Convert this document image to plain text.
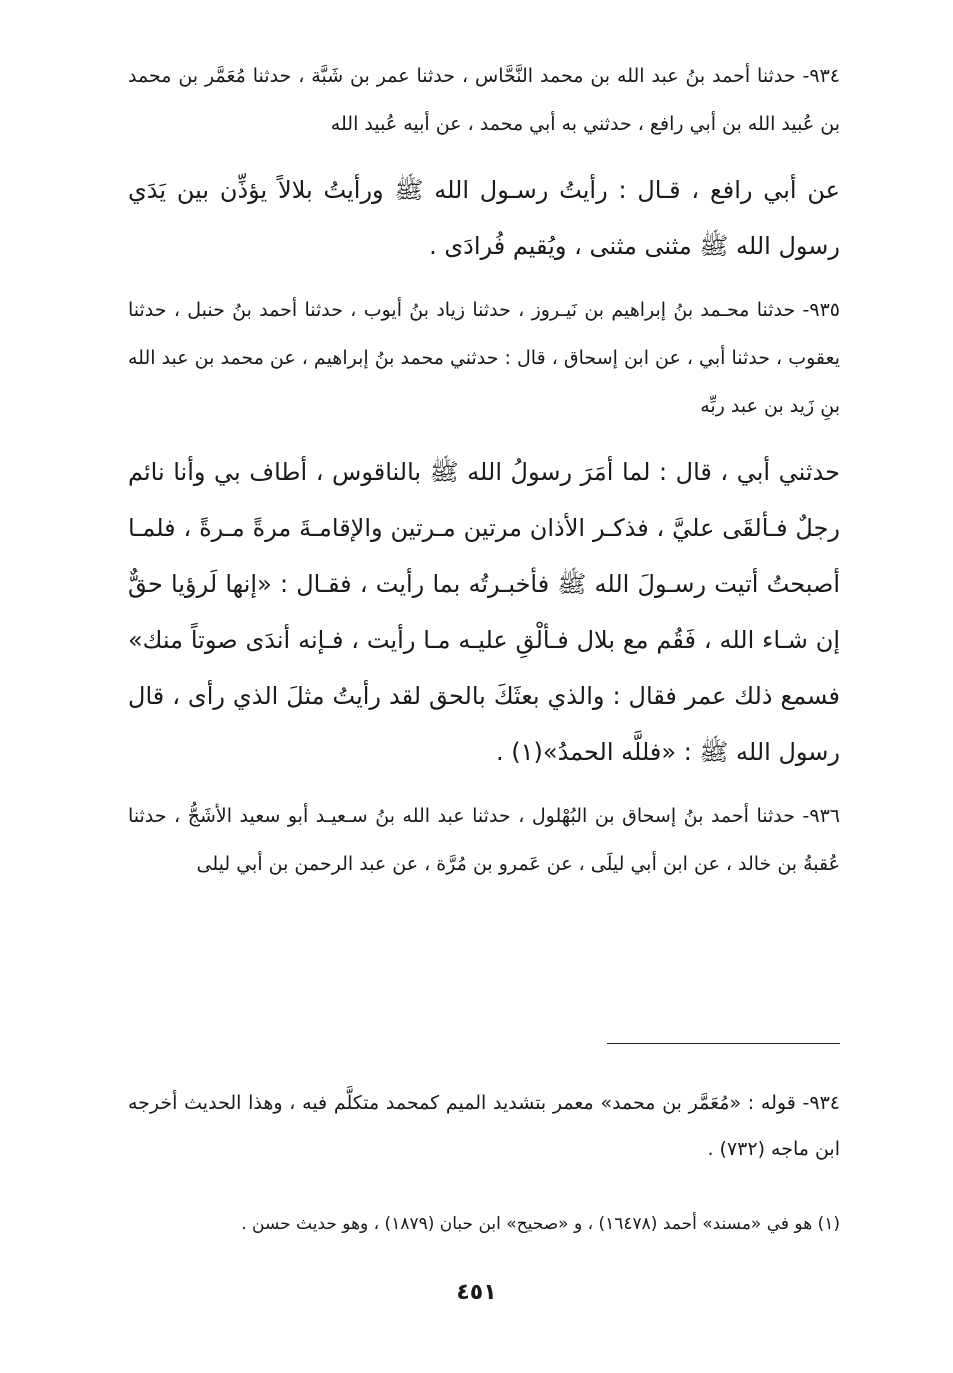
٩٣٤- حدثنا أحمد بنُ عبد الله بن محمد النَّحَّاس ، حدثنا عمر بن شَبَّة ، حدثنا مُعَمَّر بن محمد بن عُبيد الله بن أبي رافع ، حدثني به أبي محمد ، عن أبيه عُبيد الله

عن أبي رافع ، قـال : رأيتُ رسـول الله ﷺ ورأيتُ بلالاً يؤذِّن بين يَدَي رسول الله ﷺ مثنى مثنى ، ويُقيم فُرادَى .

٩٣٥- حدثنا محـمد بنُ إبراهيم بن نَيـروز ، حدثنا زياد بنُ أيوب ، حدثنا أحمد بنُ حنبل ، حدثنا يعقوب ، حدثنا أبي ، عن ابن إسحاق ، قال : حدثني محمد بنُ إبراهيم ، عن محمد بن عبد الله بنِ زَيد بن عبد ربِّه

حدثني أبي ، قال : لما أمَرَ رسولُ الله ﷺ بالناقوس ، أطاف بي وأنا نائم رجلٌ فـألقَى عليَّ ، فذكـر الأذان مرتين مـرتين والإقامـةَ مرةً مـرةً ، فلمـا أصبحتُ أتيت رسـولَ الله ﷺ فأخبـرتُه بما رأيت ، فقـال : «إنها لَرؤيا حقٌّ إن شـاء الله ، فَقُم مع بلال فـألْقِ عليـه مـا رأيت ، فـإنه أندَى صوتاً منك» فسمع ذلك عمر فقال : والذي بعثَكَ بالحق لقد رأيتُ مثلَ الذي رأى ، قال رسول الله ﷺ : «فللَّه الحمدُ»(١) .

٩٣٦- حدثنا أحمد بنُ إسحاق بن البُهْلول ، حدثنا عبد الله بنُ سـعيـد أبو سعيد الأشَجُّ ، حدثنا عُقبةُ بن خالد ، عن ابن أبي ليلَى ، عن عَمرو بن مُرَّة ، عن عبد الرحمن بن أبي ليلى

٩٣٤- قوله : «مُعَمَّر بن محمد» معمر بتشديد الميم كمحمد متكلَّم فيه ، وهذا الحديث أخرجه ابن ماجه (٧٣٢) .

(١) هو في «مسند» أحمد (١٦٤٧٨) ، و «صحيح» ابن حبان (١٨٧٩) ، وهو حديث حسن .

٤٥١
